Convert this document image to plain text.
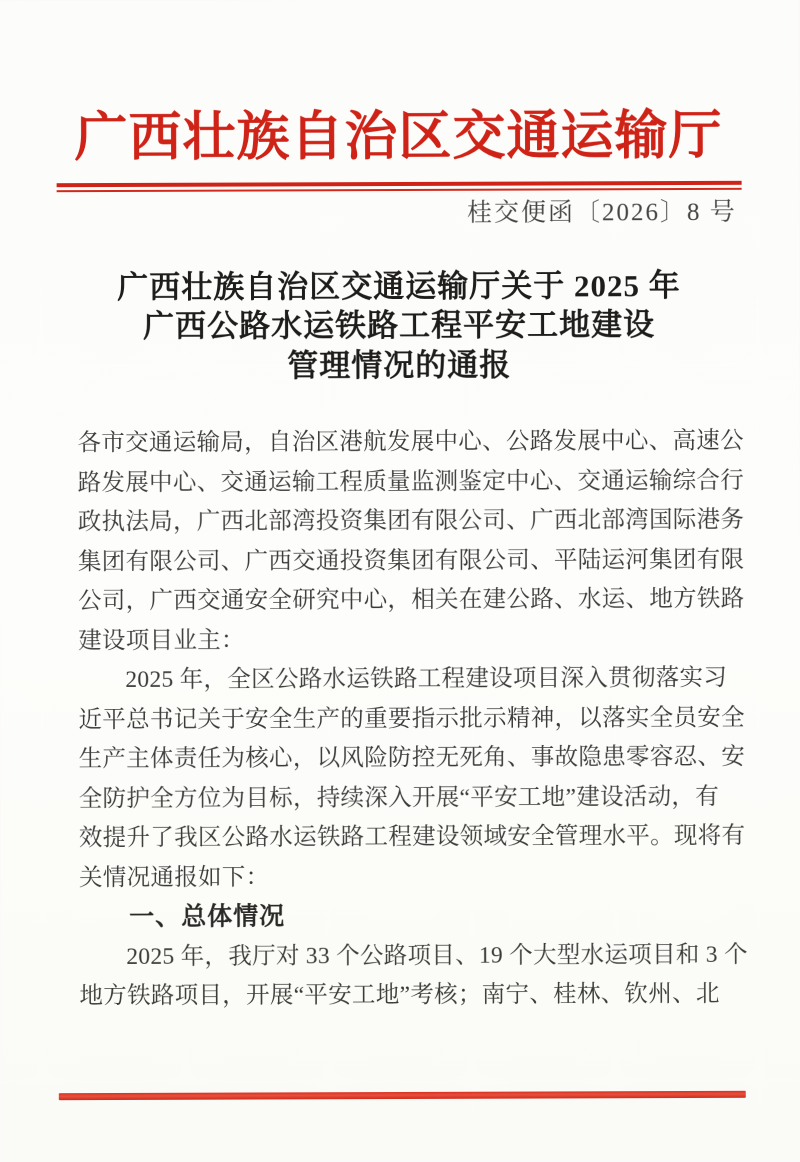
广西壮族自治区交通运输厅
桂交便函〔2026〕8 号
广西壮族自治区交通运输厅关于 2025 年
广西公路水运铁路工程平安工地建设
管理情况的通报
各市交通运输局，自治区港航发展中心、公路发展中心、高速公
路发展中心、交通运输工程质量监测鉴定中心、交通运输综合行
政执法局，广西北部湾投资集团有限公司、广西北部湾国际港务
集团有限公司、广西交通投资集团有限公司、平陆运河集团有限
公司，广西交通安全研究中心，相关在建公路、水运、地方铁路
建设项目业主：
2025 年，全区公路水运铁路工程建设项目深入贯彻落实习
近平总书记关于安全生产的重要指示批示精神，以落实全员安全
生产主体责任为核心，以风险防控无死角、事故隐患零容忍、安
全防护全方位为目标，持续深入开展“平安工地”建设活动，有
效提升了我区公路水运铁路工程建设领域安全管理水平。现将有
关情况通报如下：
一、总体情况
2025 年，我厅对 33 个公路项目、19 个大型水运项目和 3 个
地方铁路项目，开展“平安工地”考核；南宁、桂林、钦州、北
